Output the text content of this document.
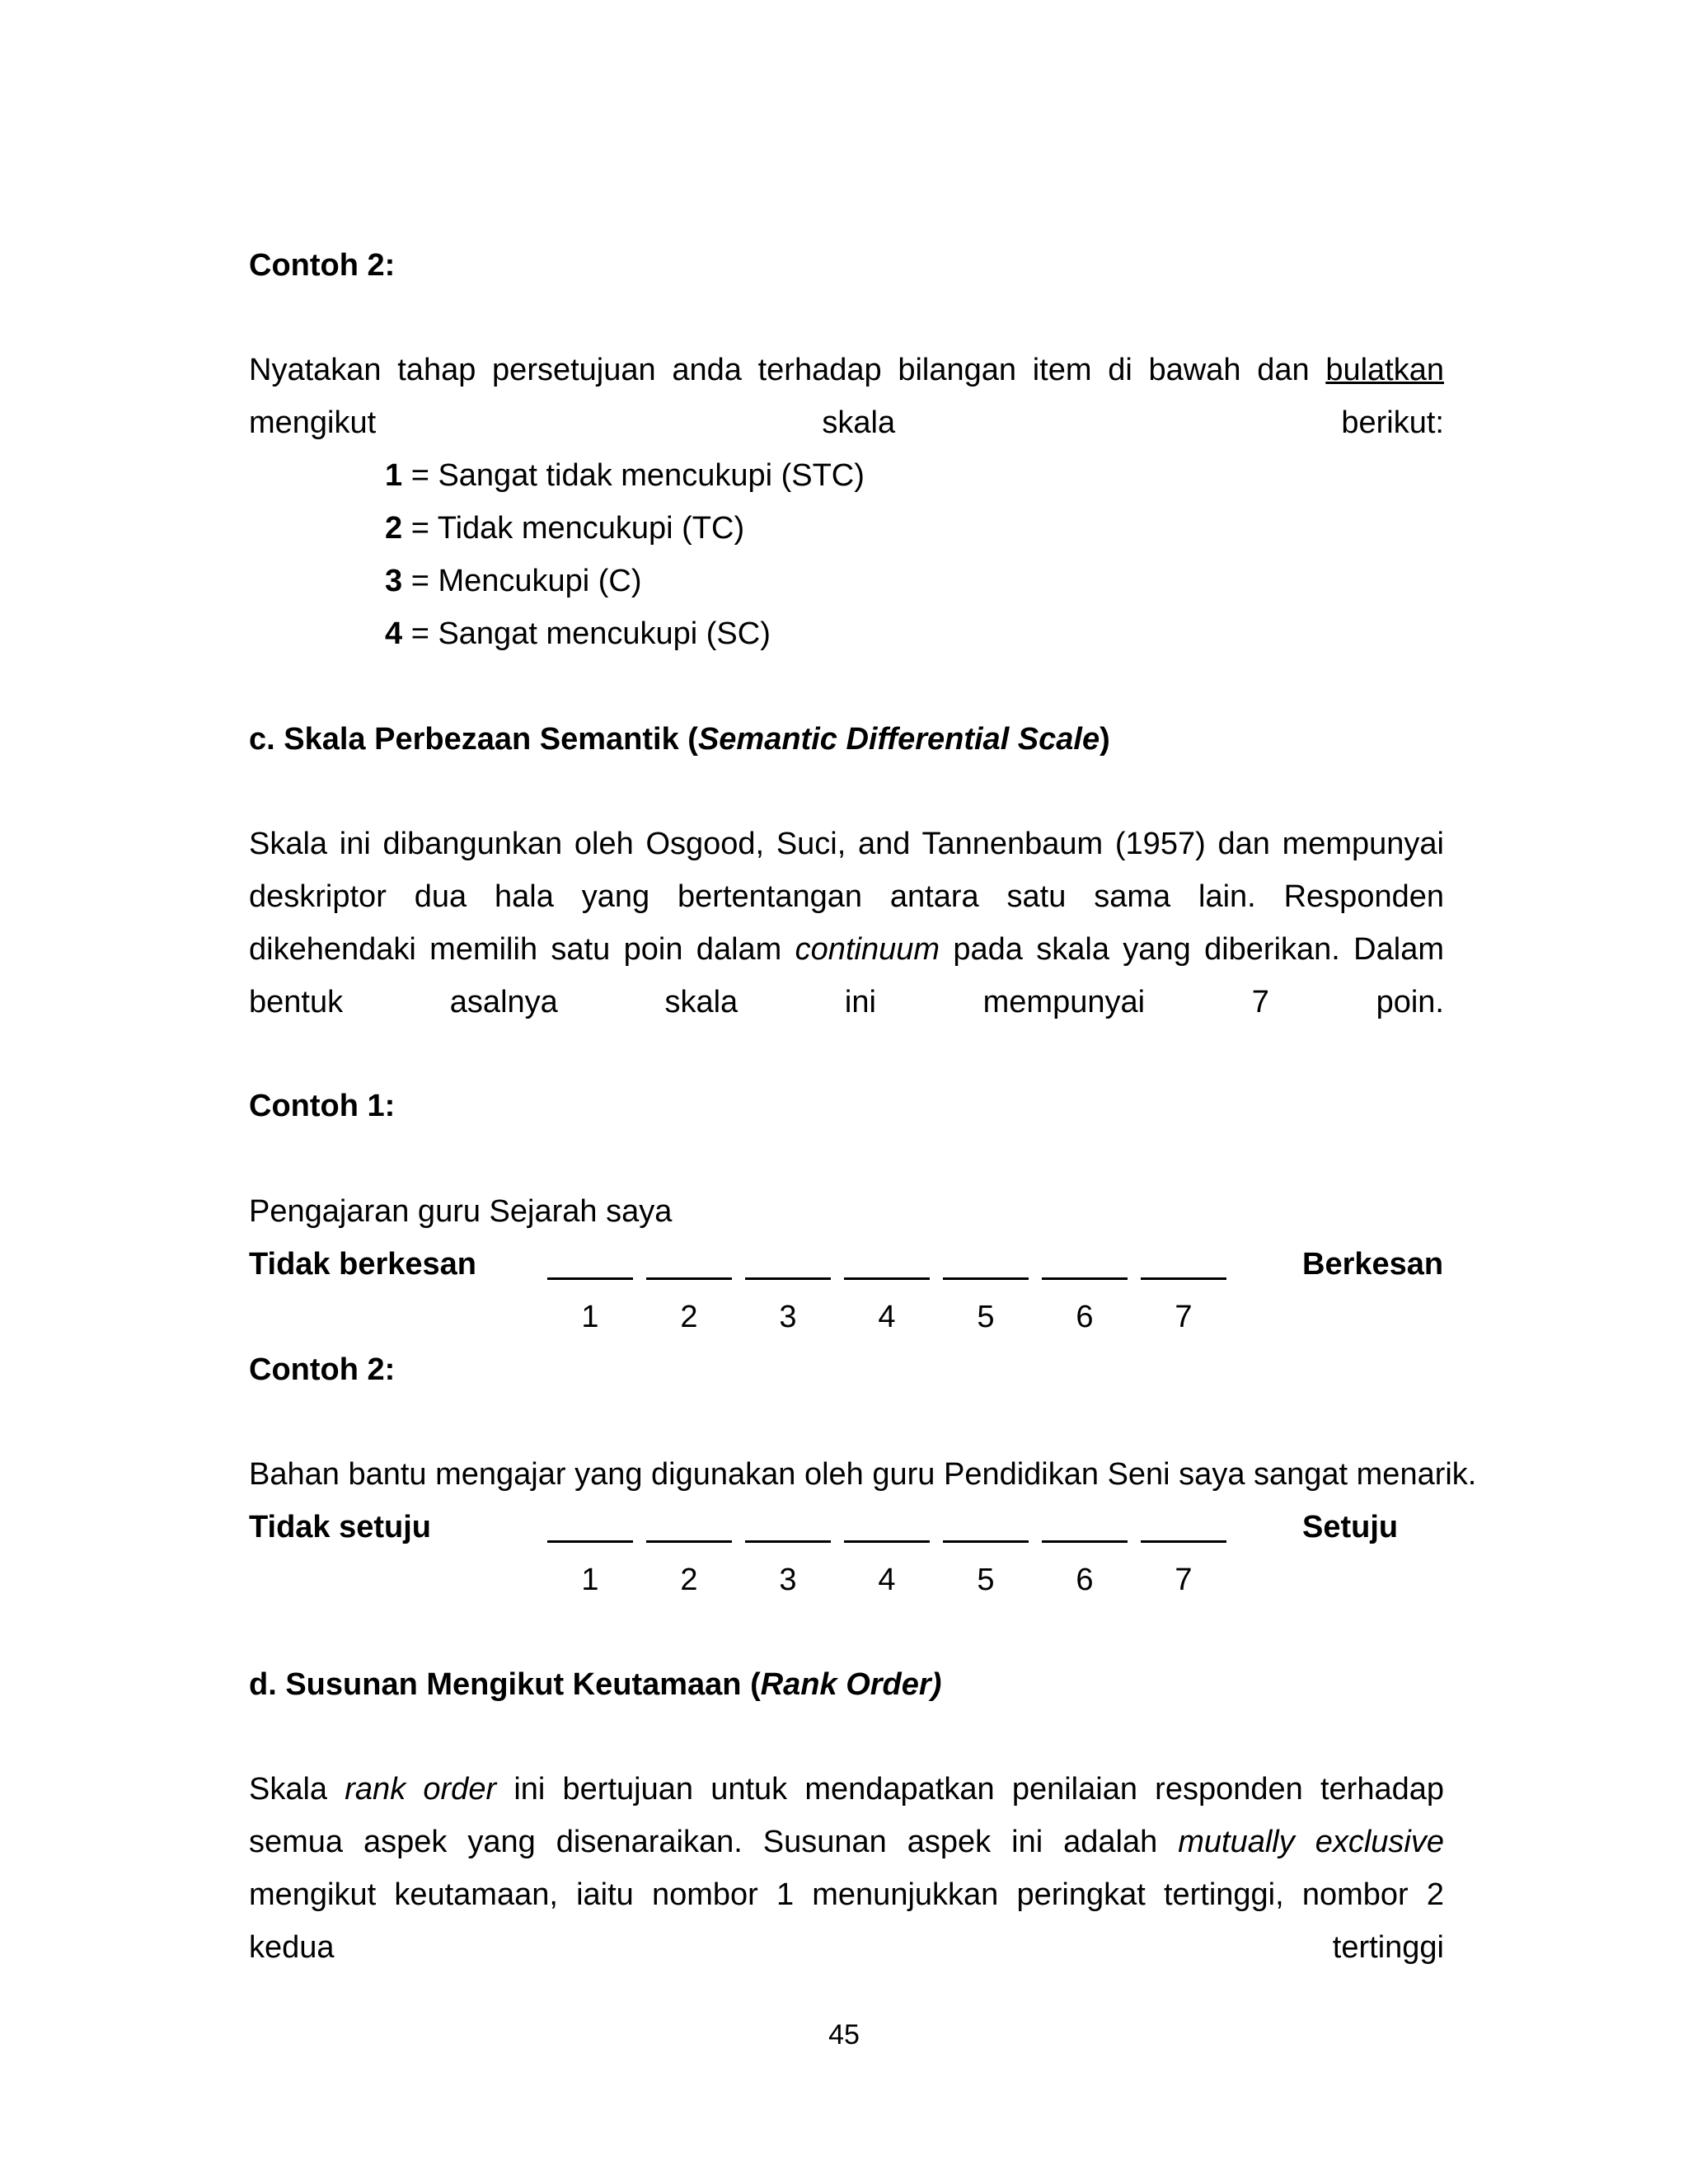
Contoh 2:

Nyatakan tahap persetujuan anda terhadap bilangan item di bawah dan bulatkan mengikut skala berikut:

1 = Sangat tidak mencukupi (STC)

2 = Tidak mencukupi (TC)

3 = Mencukupi (C)

4 = Sangat mencukupi (SC)

c. Skala Perbezaan Semantik (Semantic Differential Scale)

Skala ini dibangunkan oleh Osgood, Suci, and Tannenbaum (1957) dan mempunyai deskriptor dua hala yang bertentangan antara satu sama lain. Responden dikehendaki memilih satu poin dalam continuum pada skala yang diberikan. Dalam bentuk asalnya skala ini mempunyai 7 poin.

Contoh 1:

Pengajaran guru Sejarah saya

Tidak berkesan	Berkesan
1	2	3	4	5	6	7

Contoh 2:

Bahan bantu mengajar yang digunakan oleh guru Pendidikan Seni saya sangat menarik.

Tidak setuju	Setuju
1	2	3	4	5	6	7

d. Susunan Mengikut Keutamaan (Rank Order)

Skala rank order ini bertujuan untuk mendapatkan penilaian responden terhadap semua aspek yang disenaraikan. Susunan aspek ini adalah mutually exclusive mengikut keutamaan, iaitu nombor 1 menunjukkan peringkat tertinggi, nombor 2 kedua tertinggi

45
